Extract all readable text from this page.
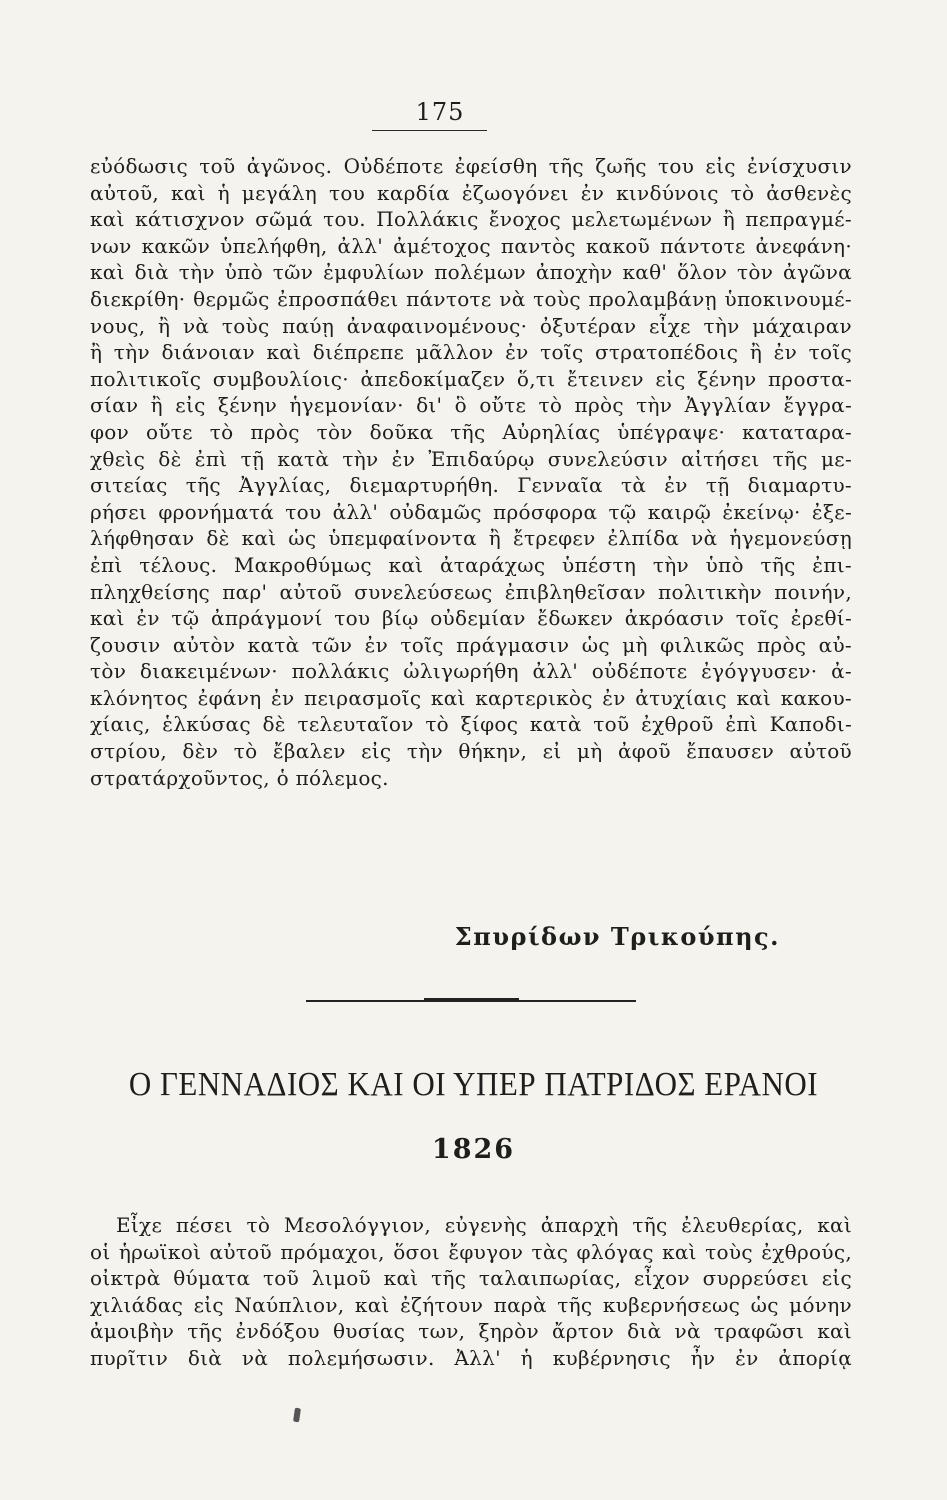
175
εὐόδωσις τοῦ ἀγῶνος. Οὐδέποτε ἐφείσθη τῆς ζωῆς του εἰς ἐνίσχυσιν
αὐτοῦ, καὶ ἡ μεγάλη του καρδία ἐζωογόνει ἐν κινδύνοις τὸ ἀσθενὲς
καὶ κάτισχνον σῶμά του. Πολλάκις ἔνοχος μελετωμένων ἢ πεπραγμέ-
νων κακῶν ὑπελήφθη, ἀλλ' ἀμέτοχος παντὸς κακοῦ πάντοτε ἀνεφάνη·
καὶ διὰ τὴν ὑπὸ τῶν ἐμφυλίων πολέμων ἀποχὴν καθ' ὅλον τὸν ἀγῶνα
διεκρίθη· θερμῶς ἐπροσπάθει πάντοτε νὰ τοὺς προλαμβάνῃ ὑποκινουμέ-
νους, ἢ νὰ τοὺς παύῃ ἀναφαινομένους· ὀξυτέραν εἶχε τὴν μάχαιραν
ἢ τὴν διάνοιαν καὶ διέπρεπε μᾶλλον ἐν τοῖς στρατοπέδοις ἢ ἐν τοῖς
πολιτικοῖς συμβουλίοις· ἀπεδοκίμαζεν ὅ,τι ἔτεινεν εἰς ξένην προστα-
σίαν ἢ εἰς ξένην ἡγεμονίαν· δι' ὃ οὔτε τὸ πρὸς τὴν Ἀγγλίαν ἔγγρα-
φον οὔτε τὸ πρὸς τὸν δοῦκα τῆς Αὐρηλίας ὑπέγραψε· καταταρα-
χθεὶς δὲ ἐπὶ τῇ κατὰ τὴν ἐν Ἐπιδαύρῳ συνελεύσιν αἰτήσει τῆς με-
σιτείας τῆς Ἀγγλίας, διεμαρτυρήθη. Γενναῖα τὰ ἐν τῇ διαμαρτυ-
ρήσει φρονήματά του ἀλλ' οὐδαμῶς πρόσφορα τῷ καιρῷ ἐκείνῳ· ἐξε-
λήφθησαν δὲ καὶ ὡς ὑπεμφαίνοντα ἢ ἔτρεφεν ἐλπίδα νὰ ἡγεμονεύσῃ
ἐπὶ τέλους. Μακροθύμως καὶ ἀταράχως ὑπέστη τὴν ὑπὸ τῆς ἐπι-
πληχθείσης παρ' αὐτοῦ συνελεύσεως ἐπιβληθεῖσαν πολιτικὴν ποινήν,
καὶ ἐν τῷ ἀπράγμονί του βίῳ οὐδεμίαν ἔδωκεν ἀκρόασιν τοῖς ἐρεθί-
ζουσιν αὐτὸν κατὰ τῶν ἐν τοῖς πράγμασιν ὡς μὴ φιλικῶς πρὸς αὐ-
τὸν διακειμένων· πολλάκις ὠλιγωρήθη ἀλλ' οὐδέποτε ἐγόγγυσεν· ἀ-
κλόνητος ἐφάνη ἐν πειρασμοῖς καὶ καρτερικὸς ἐν ἀτυχίαις καὶ κακου-
χίαις, ἑλκύσας δὲ τελευταῖον τὸ ξίφος κατὰ τοῦ ἐχθροῦ ἐπὶ Καποδι-
στρίου, δὲν τὸ ἔβαλεν εἰς τὴν θήκην, εἰ μὴ ἀφοῦ ἔπαυσεν αὐτοῦ
στρατάρχοῦντος, ὁ πόλεμος.
Σπυρίδων Τρικούπης.
Ο ΓΕΝΝΑΔΙΟΣ ΚΑΙ ΟΙ ΥΠΕΡ ΠΑΤΡΙΔΟΣ ΕΡΑΝΟΙ
1826
Εἶχε πέσει τὸ Μεσολόγγιον, εὐγενὴς ἀπαρχὴ τῆς ἐλευθερίας, καὶ
οἱ ἡρωϊκοὶ αὐτοῦ πρόμαχοι, ὅσοι ἔφυγον τὰς φλόγας καὶ τοὺς ἐχθρούς,
οἰκτρὰ θύματα τοῦ λιμοῦ καὶ τῆς ταλαιπωρίας, εἶχον συρρεύσει εἰς
χιλιάδας εἰς Ναύπλιον, καὶ ἐζήτουν παρὰ τῆς κυβερνήσεως ὡς μόνην
ἀμοιβὴν τῆς ἐνδόξου θυσίας των, ξηρὸν ἄρτον διὰ νὰ τραφῶσι καὶ
πυρῖτιν διὰ νὰ πολεμήσωσιν. Ἀλλ' ἡ κυβέρνησις ἦν ἐν ἀπορίᾳ
